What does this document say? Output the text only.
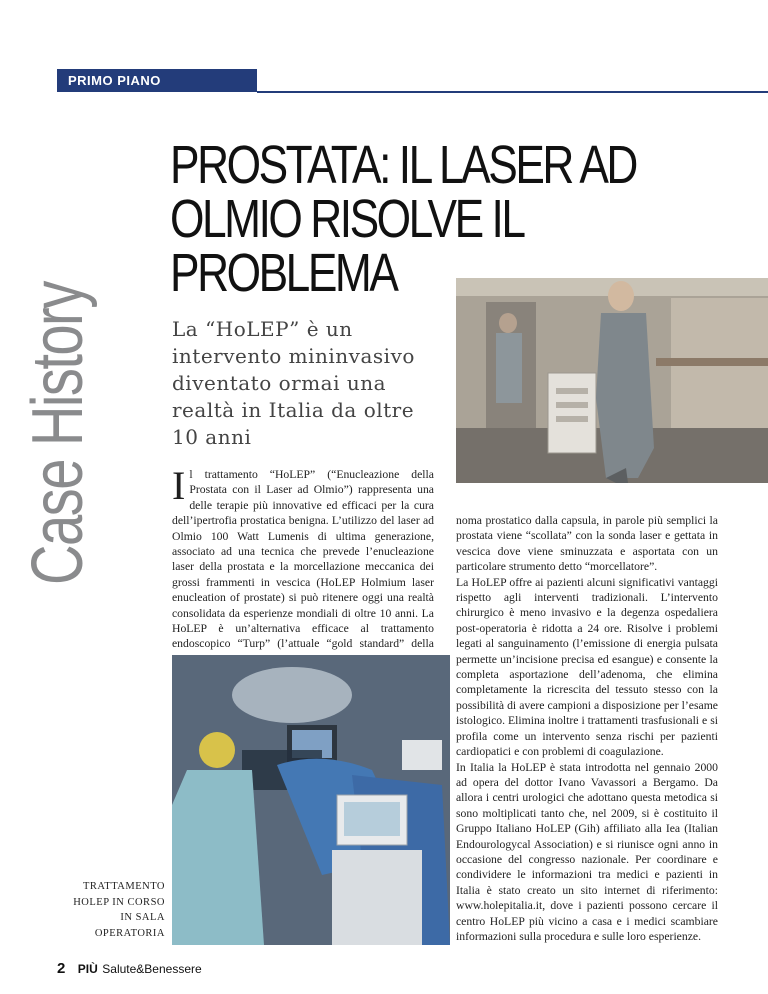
PRIMO PIANO
Case History
PROSTATA: IL LASER AD OLMIO RISOLVE IL PROBLEMA

La “HoLEP” è un intervento mininvasivo diventato ormai una realtà in Italia da oltre 10 anni

Il trattamento “HoLEP” (“Enucleazione della Prostata con il Laser ad Olmio”) rappresenta una delle terapie più innovative ed efficaci per la cura dell’ipertrofia prostatica benigna. L’utilizzo del laser ad Olmio 100 Watt Lumenis di ultima generazione, associato ad una tecnica che prevede l’enucleazione laser della prostata e la morcellazione meccanica dei grossi frammenti in vescica (HoLEP Holmium laser enucleation of prostate) si può ritenere oggi una realtà consolidata da esperienze mondiali di oltre 10 anni. La HoLEP è un’alternativa efficace al trattamento endoscopico “Turp” (l’attuale “gold standard” della

noma prostatico dalla capsula, in parole più semplici la prostata viene “scollata” con la sonda laser e gettata in vescica dove viene sminuzzata e asportata con un particolare strumento detto “morcellatore”.
La HoLEP offre ai pazienti alcuni significativi vantaggi rispetto agli interventi tradizionali. L’intervento chirurgico è meno invasivo e la degenza ospedaliera post-operatoria è ridotta a 24 ore. Risolve i problemi legati al sanguinamento (l’emissione di energia pulsata permette un’incisione precisa ed esangue) e consente la completa asportazione dell’adenoma, che elimina completamente la ricrescita del tessuto stesso con la possibilità di avere campioni a disposizione per l’esame istologico. Elimina inoltre i trattamenti trasfusionali e si profila come un intervento senza rischi per pazienti cardiopatici e con problemi di coagulazione.
In Italia la HoLEP è stata introdotta nel gennaio 2000 ad opera del dottor Ivano Vavassori a Bergamo. Da allora i centri urologici che adottano questa metodica si sono moltiplicati tanto che, nel 2009, si è costituito il Gruppo Italiano HoLEP (Gih) affiliato alla Iea (Italian Endourologycal Association) e si riunisce ogni anno in occasione del congresso nazionale. Per coordinare e condividere le informazioni tra medici e pazienti in Italia è stato creato un sito internet di riferimento: www.holepitalia.it, dove i pazienti possono cercare il centro HoLEP più vicino a casa e i medici scambiare informazioni sulla procedura e sulle loro esperienze.

TRATTAMENTO HOLEP IN CORSO IN SALA OPERATORIA

2 PIÙ Salute&Benessere
